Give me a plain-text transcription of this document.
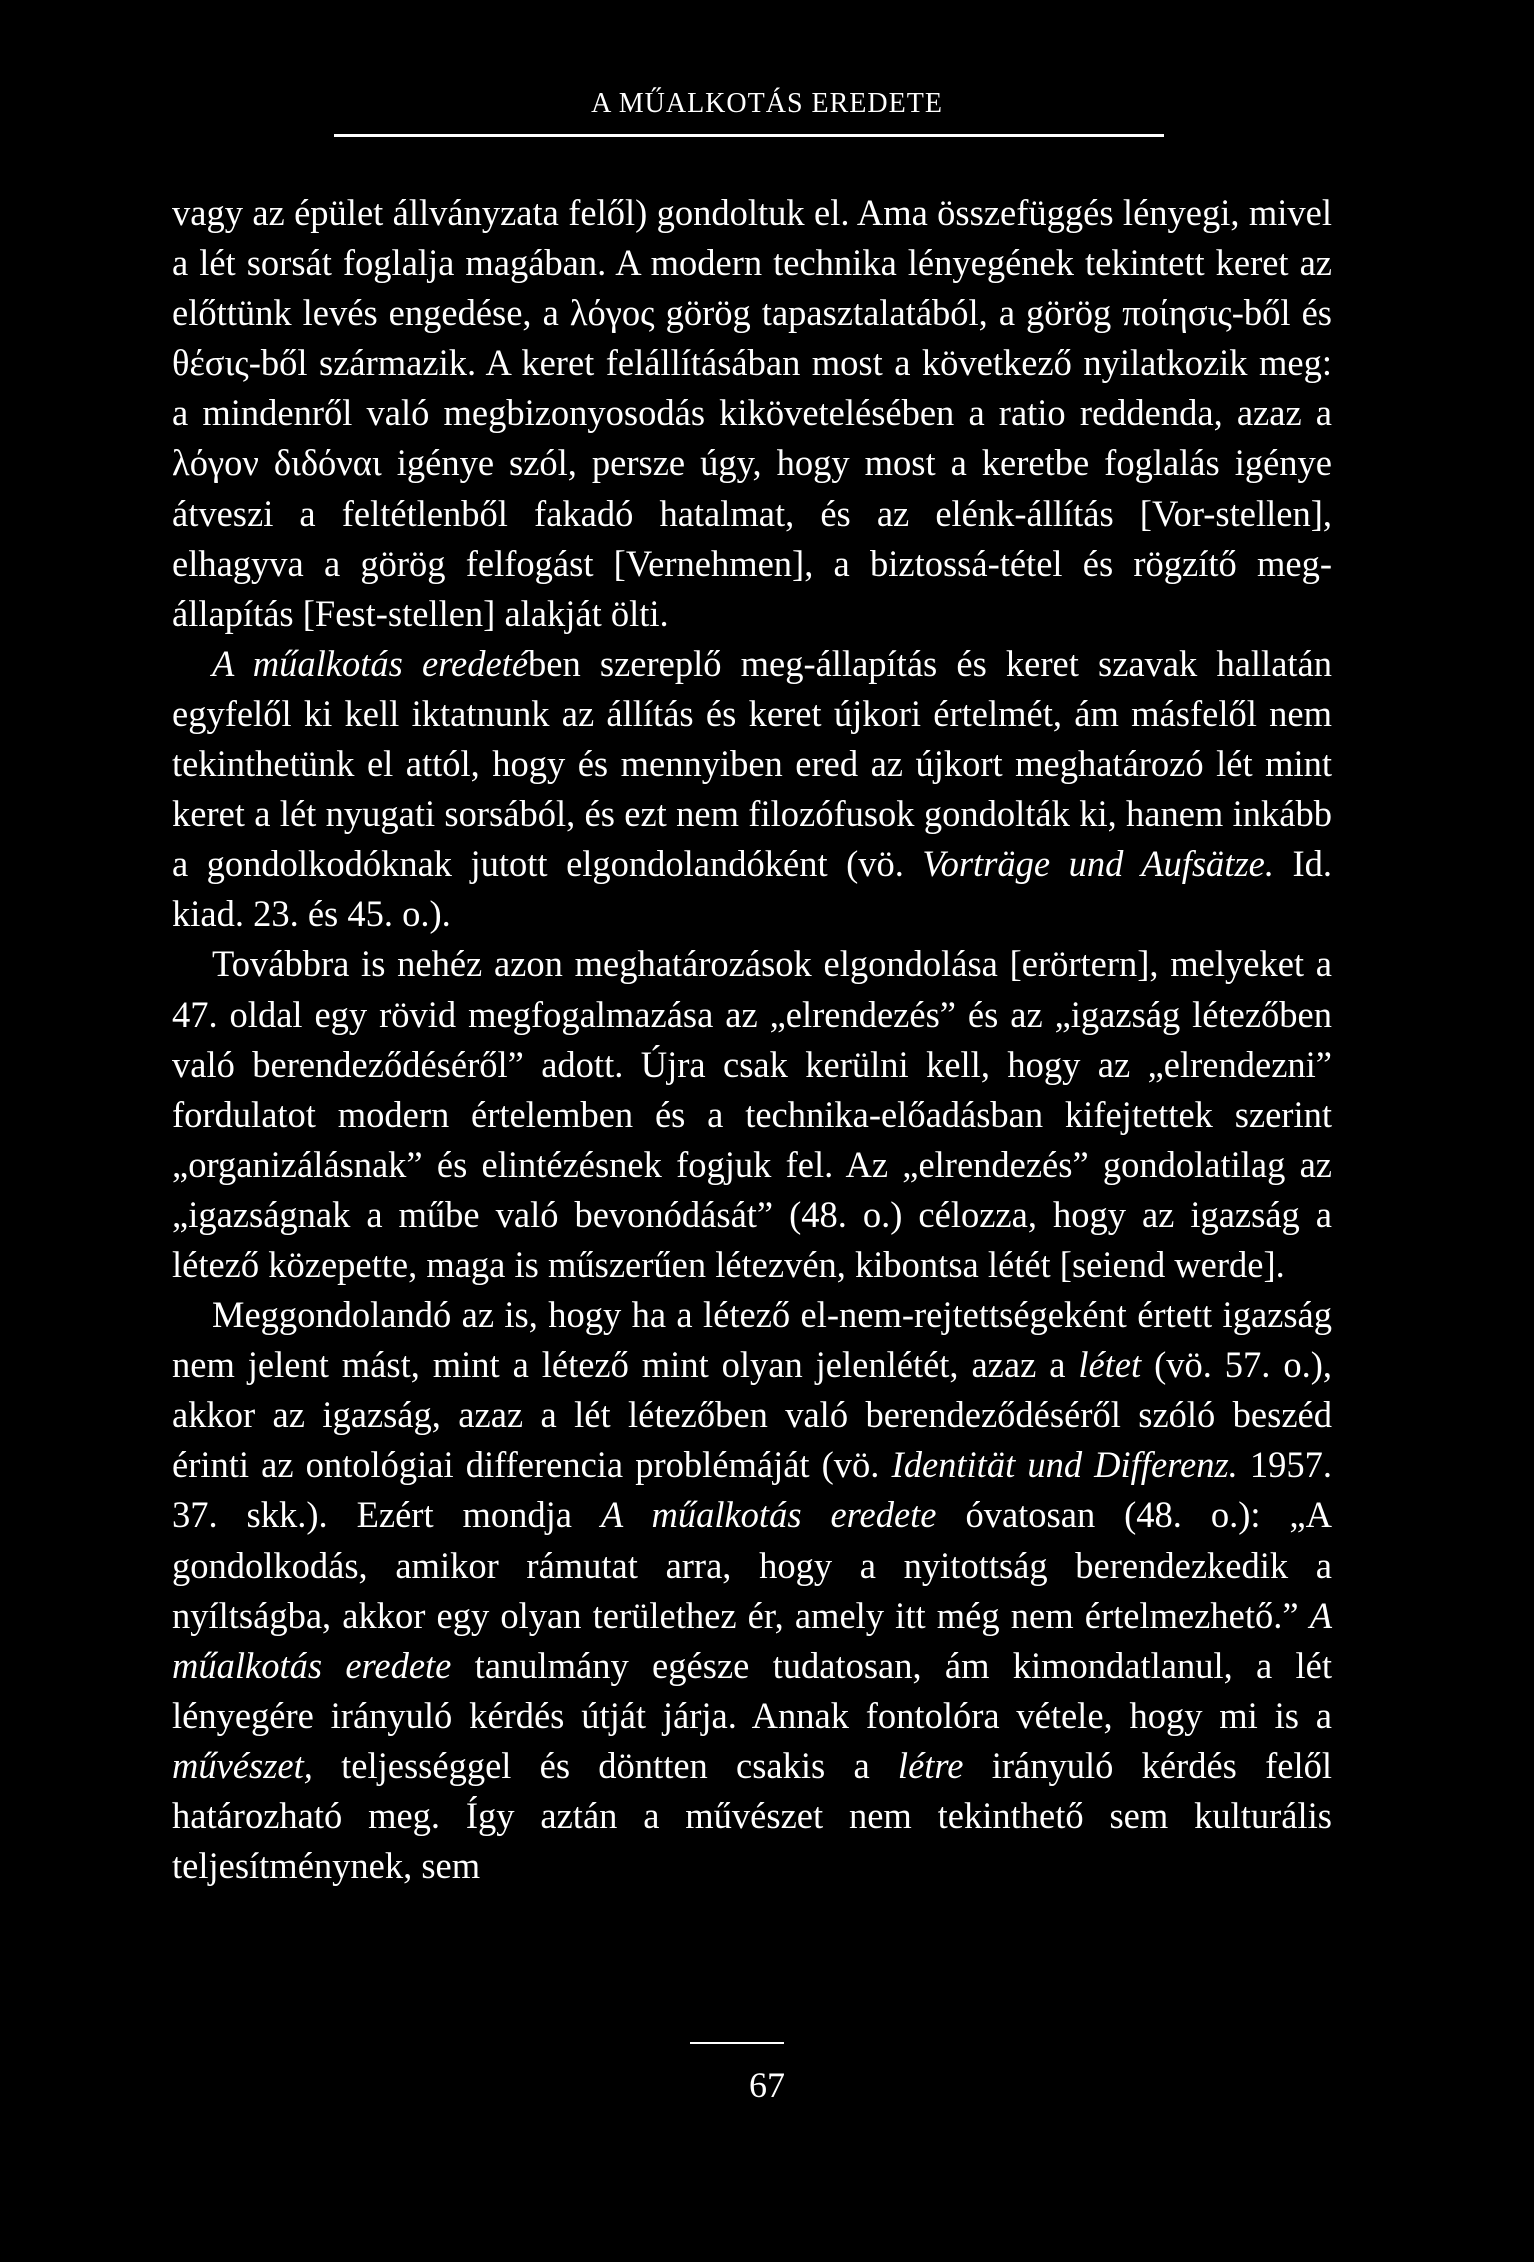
A MŰALKOTÁS EREDETE

vagy az épület állványzata felől) gondoltuk el. Ama összefüggés lényegi, mivel a lét sorsát foglalja magában. A modern technika lényegének tekintett keret az előttünk levés engedése, a λόγος görög tapasztalatából, a görög ποίησις-ből és θέσις-ből származik. A keret felállításában most a következő nyilatkozik meg: a mindenről való megbizonyosodás kikövetelésében a ratio reddenda, azaz a λόγον διδόναι igénye szól, persze úgy, hogy most a keretbe foglalás igénye átveszi a feltétlenből fakadó hatalmat, és az elénk-állítás [Vor-stellen], elhagyva a görög felfogást [Vernehmen], a biztossá-tétel és rögzítő meg-állapítás [Fest-stellen] alakját ölti.

A műalkotás eredetében szereplő meg-állapítás és keret szavak hallatán egyfelől ki kell iktatnunk az állítás és keret újkori értelmét, ám másfelől nem tekinthetünk el attól, hogy és mennyiben ered az újkort meghatározó lét mint keret a lét nyugati sorsából, és ezt nem filozófusok gondolták ki, hanem inkább a gondolkodóknak jutott elgondolandóként (vö. Vorträge und Aufsätze. Id. kiad. 23. és 45. o.).

Továbbra is nehéz azon meghatározások elgondolása [erörtern], melyeket a 47. oldal egy rövid megfogalmazása az „elrendezés” és az „igazság létezőben való berendeződéséről” adott. Újra csak kerülni kell, hogy az „elrendezni” fordulatot modern értelemben és a technika-előadásban kifejtettek szerint „organizálásnak” és elintézésnek fogjuk fel. Az „elrendezés” gondolatilag az „igazságnak a műbe való bevonódását” (48. o.) célozza, hogy az igazság a létező közepette, maga is műszerűen létezvén, kibontsa létét [seiend werde].

Meggondolandó az is, hogy ha a létező el-nem-rejtettségeként értett igazság nem jelent mást, mint a létező mint olyan jelenlétét, azaz a létet (vö. 57. o.), akkor az igazság, azaz a lét létezőben való berendeződéséről szóló beszéd érinti az ontológiai differencia problémáját (vö. Identität und Differenz. 1957. 37. skk.). Ezért mondja A műalkotás eredete óvatosan (48. o.): „A gondolkodás, amikor rámutat arra, hogy a nyitottság berendezkedik a nyíltságba, akkor egy olyan területhez ér, amely itt még nem értelmezhető.” A műalkotás eredete tanulmány egésze tudatosan, ám kimondatlanul, a lét lényegére irányuló kérdés útját járja. Annak fontolóra vétele, hogy mi is a művészet, teljességgel és döntten csakis a létre irányuló kérdés felől határozható meg. Így aztán a művészet nem tekinthető sem kulturális teljesítménynek, sem

67
